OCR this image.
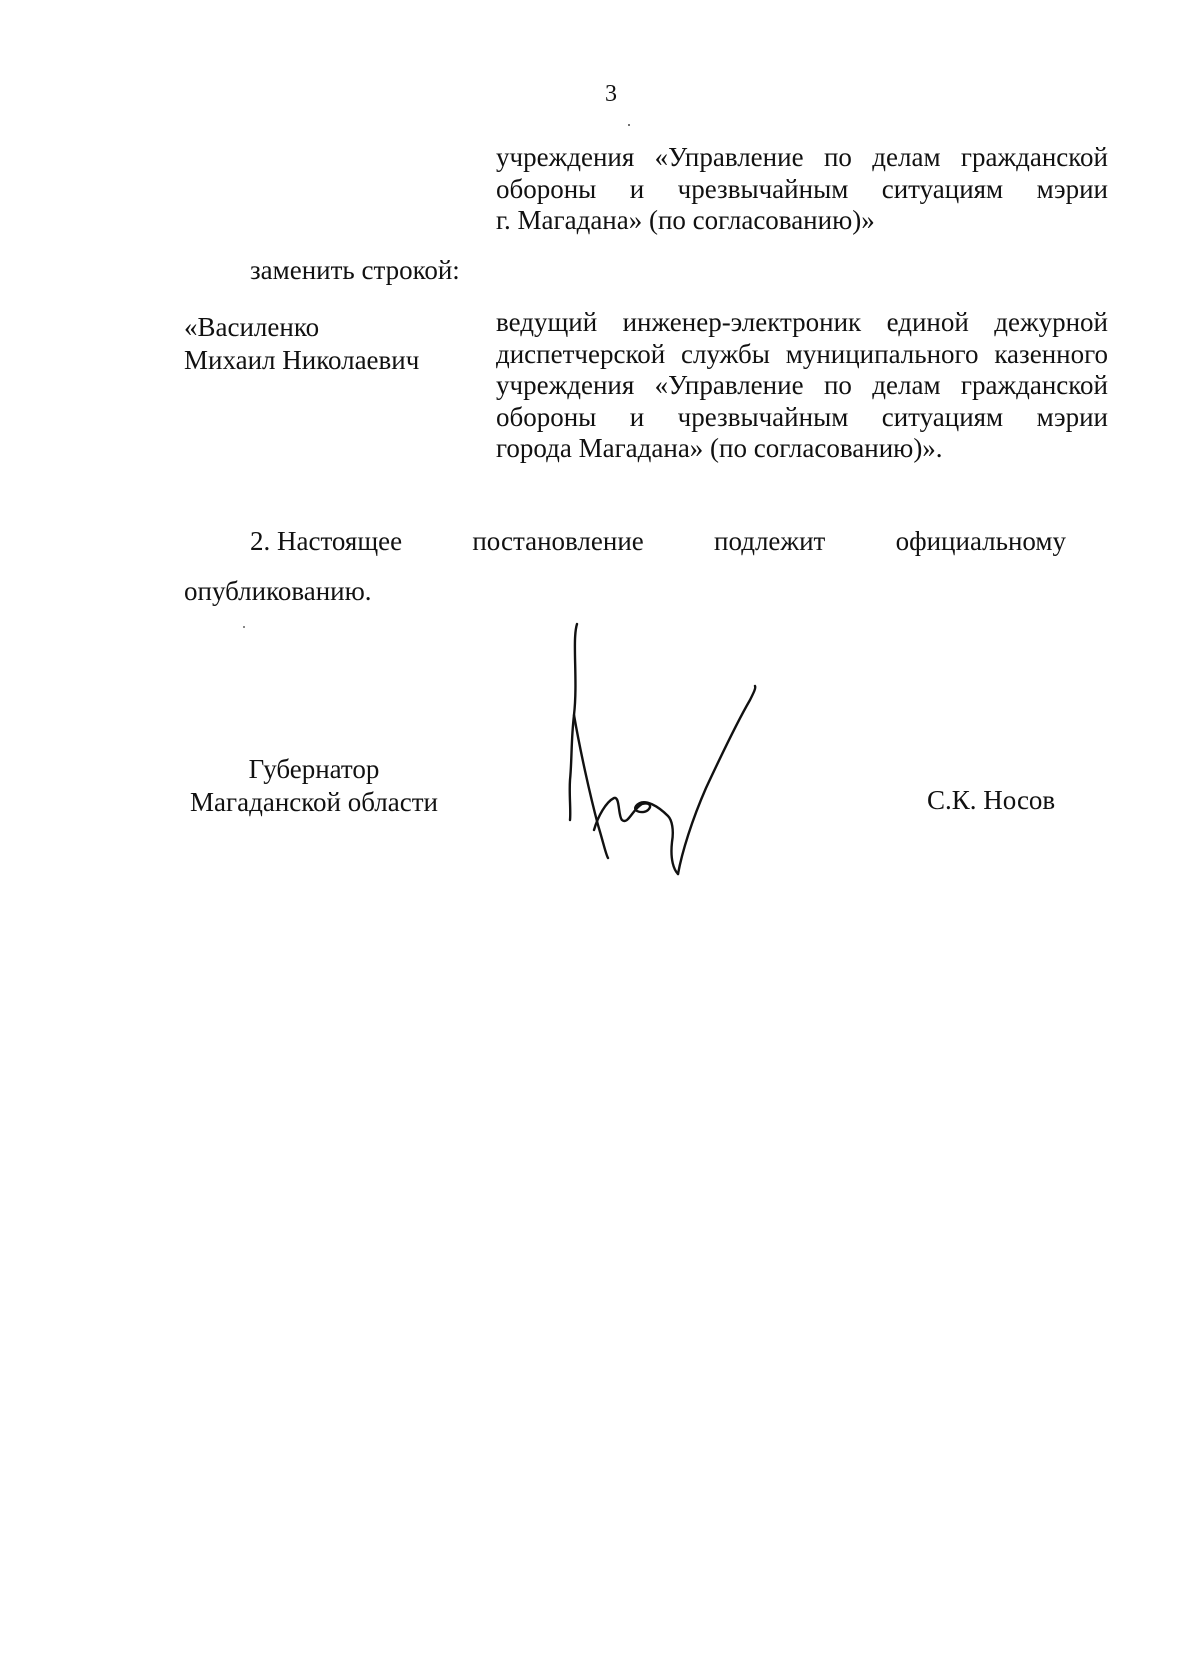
3
учреждения «Управление по делам гражданской
обороны и чрезвычайным ситуациям мэрии
г. Магадана» (по согласованию)»
заменить строкой:
«Василенко
Михаил Николаевич
ведущий инженер-электроник единой дежурной
диспетчерской службы муниципального казенного
учреждения «Управление по делам гражданской
обороны и чрезвычайным ситуациям мэрии
города Магадана» (по согласованию)».
2. Настоящее	постановление	подлежит	официальному
опубликованию.
Губернатор
Магаданской области	С.К. Носов
